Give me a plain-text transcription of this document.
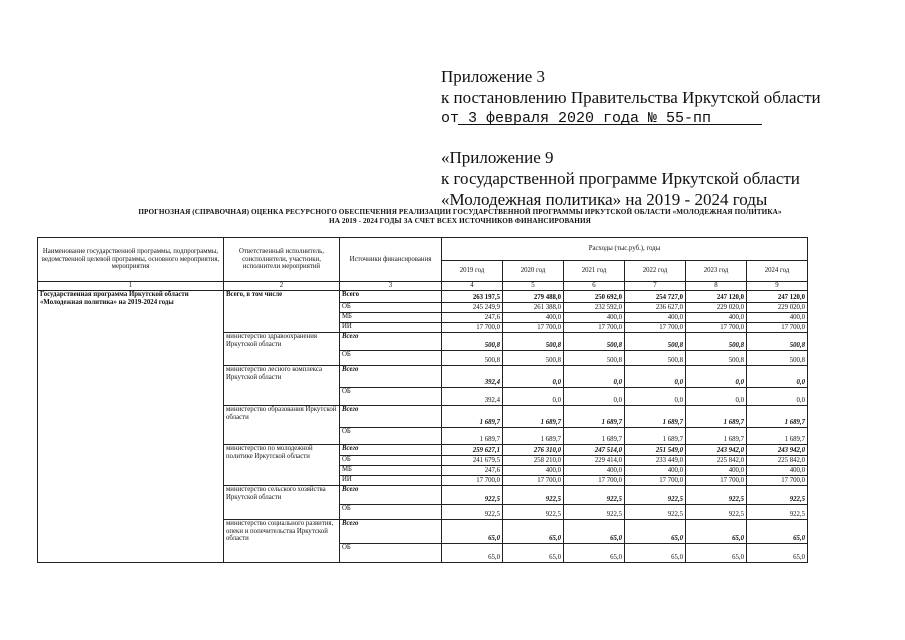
Приложение 3
к постановлению Правительства Иркутской области
от 3 февраля 2020 года № 55-пп
«Приложение 9
к государственной программе Иркутской области
«Молодежная политика» на 2019 - 2024 годы
ПРОГНОЗНАЯ (СПРАВОЧНАЯ) ОЦЕНКА РЕСУРСНОГО ОБЕСПЕЧЕНИЯ РЕАЛИЗАЦИИ ГОСУДАРСТВЕННОЙ ПРОГРАММЫ ИРКУТСКОЙ ОБЛАСТИ «МОЛОДЕЖНАЯ ПОЛИТИКА»
НА 2019 - 2024 ГОДЫ ЗА СЧЕТ ВСЕХ ИСТОЧНИКОВ ФИНАНСИРОВАНИЯ
Наименование государственной программы, подпрограммы, ведомственной целевой программы, основного мероприятия, мероприятия	Ответственный исполнитель, соисполнители, участники, исполнители мероприятий	Источники финансирования	Расходы (тыс.руб.), годы					
			2019 год	2020 год	2021 год	2022 год	2023 год	2024 год
1	2	3	4	5	6	7	8	9
Государственная программа Иркутской области «Молодежная политика» на 2019-2024 годы	Всего, в том числе	Всего	263 197,5	279 488,0	250 692,0	254 727,0	247 120,0	247 120,0
		ОБ	245 249,9	261 388,0	232 592,0	236 627,0	229 020,0	229 020,0
		МБ	247,6	400,0	400,0	400,0	400,0	400,0
		ИИ	17 700,0	17 700,0	17 700,0	17 700,0	17 700,0	17 700,0
	министерство здравоохранения Иркутской области	Всего	500,8	500,8	500,8	500,8	500,8	500,8
		ОБ	500,8	500,8	500,8	500,8	500,8	500,8
	министерство лесного комплекса Иркутской области	Всего	392,4	0,0	0,0	0,0	0,0	0,0
		ОБ	392,4	0,0	0,0	0,0	0,0	0,0
	министерство образования Иркутской области	Всего	1 689,7	1 689,7	1 689,7	1 689,7	1 689,7	1 689,7
		ОБ	1 689,7	1 689,7	1 689,7	1 689,7	1 689,7	1 689,7
	министерство по молодежной политике Иркутской области	Всего	259 627,1	276 310,0	247 514,0	251 549,0	243 942,0	243 942,0
		ОБ	241 679,5	258 210,0	229 414,0	233 449,0	225 842,0	225 842,0
		МБ	247,6	400,0	400,0	400,0	400,0	400,0
		ИИ	17 700,0	17 700,0	17 700,0	17 700,0	17 700,0	17 700,0
	министерство сельского хозяйства Иркутской области	Всего	922,5	922,5	922,5	922,5	922,5	922,5
		ОБ	922,5	922,5	922,5	922,5	922,5	922,5
	министерство социального развития, опеки и попечительства Иркутской области	Всего	65,0	65,0	65,0	65,0	65,0	65,0
		ОБ	65,0	65,0	65,0	65,0	65,0	65,0
